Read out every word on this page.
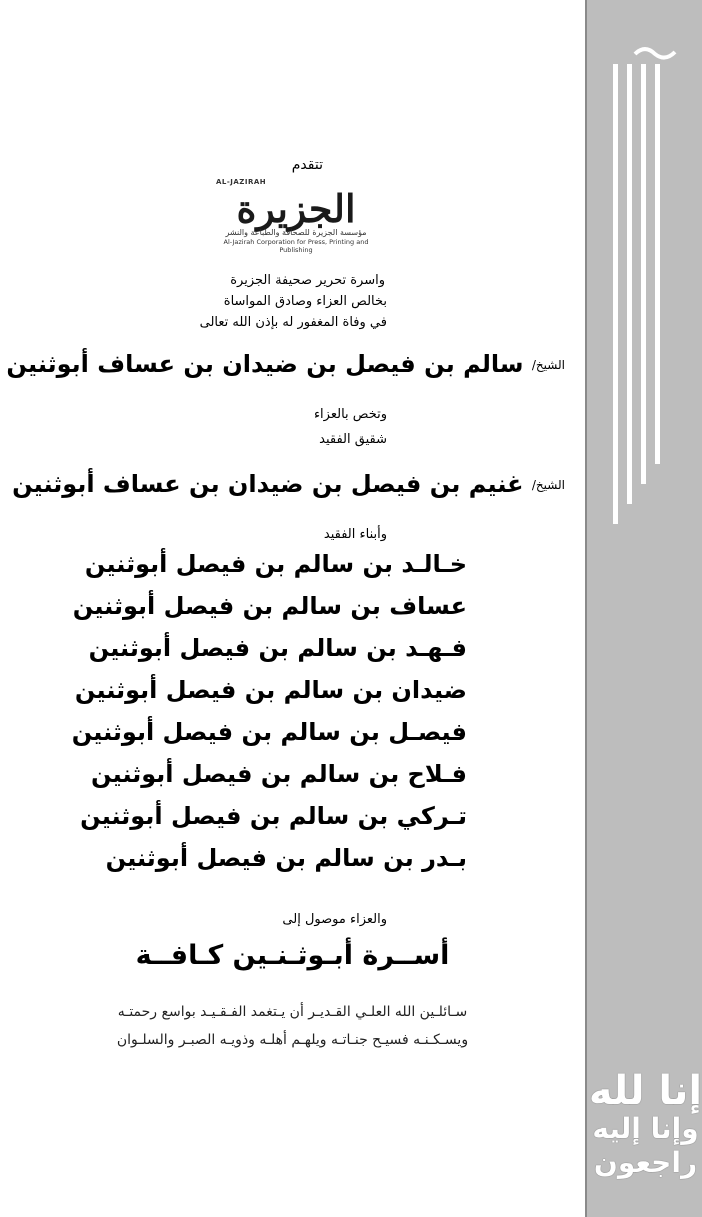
تتقدم
AL-JAZIRAH
الجزيرة
مؤسسة الجزيرة للصحافة والطباعة والنشر
Al-Jazirah Corporation for Press, Printing and Publishing
واسرة تحرير صحيفة الجزيرة
بخالص العزاء وصادق المواساة
في وفاة المغفور له بإذن الله تعالى
الشيخ/ سالم بن فيصل بن ضيدان بن عساف أبوثنين
وتخص بالعزاء
شقيق الفقيد
الشيخ/ غنيم بن فيصل بن ضيدان بن عساف أبوثنين
وأبناء الفقيد
خـالـد بن سالم بن فيصل أبوثنين
عساف بن سالم بن فيصل أبوثنين
فـهـد بن سالم بن فيصل أبوثنين
ضيدان بن سالم بن فيصل أبوثنين
فيصـل بن سالم بن فيصل أبوثنين
فـلاح بن سالم بن فيصل أبوثنين
تـركي بن سالم بن فيصل أبوثنين
بـدر بن سالم بن فيصل أبوثنين
والعزاء موصول إلى
أســرة أبـوثـنـين كـافــة
سـائلـين الله العلـي القـديـر أن يـتغمد الفـقـيـد بواسع رحمتـه
ويسـكـنـه فسيـح جنـاتـه ويلهـم أهلـه وذويـه الصبـر والسلـوان
إنا لله
وإنا إليه
راجعون
